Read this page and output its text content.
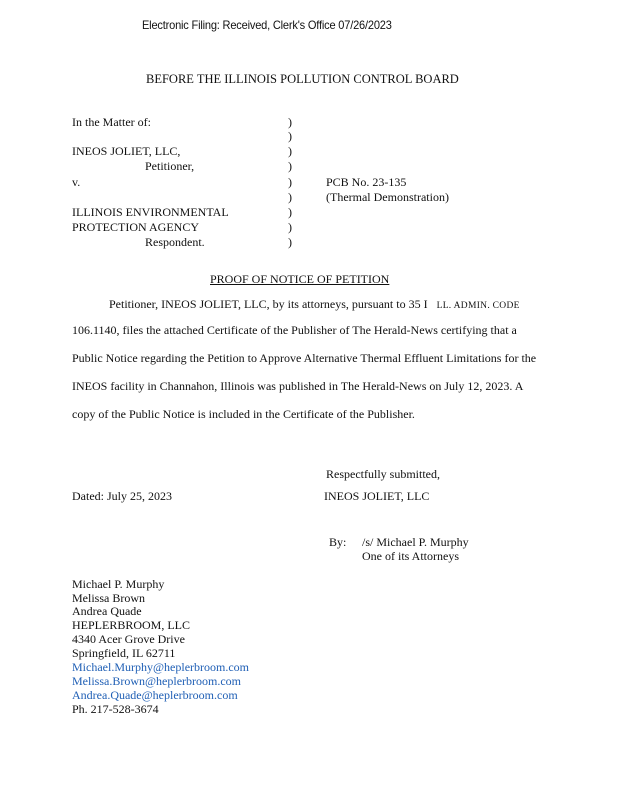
Electronic Filing: Received, Clerk's Office 07/26/2023
BEFORE THE ILLINOIS POLLUTION CONTROL BOARD
In the Matter of:
INEOS JOLIET, LLC,
Petitioner,
v.
ILLINOIS ENVIRONMENTAL
PROTECTION AGENCY
Respondent.
)
)
)
)
)
)
)
)
)
PCB No. 23-135
(Thermal Demonstration)
PROOF OF NOTICE OF PETITION
Petitioner, INEOS JOLIET, LLC, by its attorneys, pursuant to 35 I LL. ADMIN. CODE
106.1140, files the attached Certificate of the Publisher of The Herald-News certifying that a
Public Notice regarding the Petition to Approve Alternative Thermal Effluent Limitations for the
INEOS facility in Channahon, Illinois was published in The Herald-News on July 12, 2023. A
copy of the Public Notice is included in the Certificate of the Publisher.
Respectfully submitted,
Dated: July 25, 2023	INEOS JOLIET, LLC
By: /s/ Michael P. Murphy
One of its Attorneys
Michael P. Murphy
Melissa Brown
Andrea Quade
HEPLERBROOM, LLC
4340 Acer Grove Drive
Springfield, IL 62711
Michael.Murphy@heplerbroom.com
Melissa.Brown@heplerbroom.com
Andrea.Quade@heplerbroom.com
Ph. 217-528-3674
